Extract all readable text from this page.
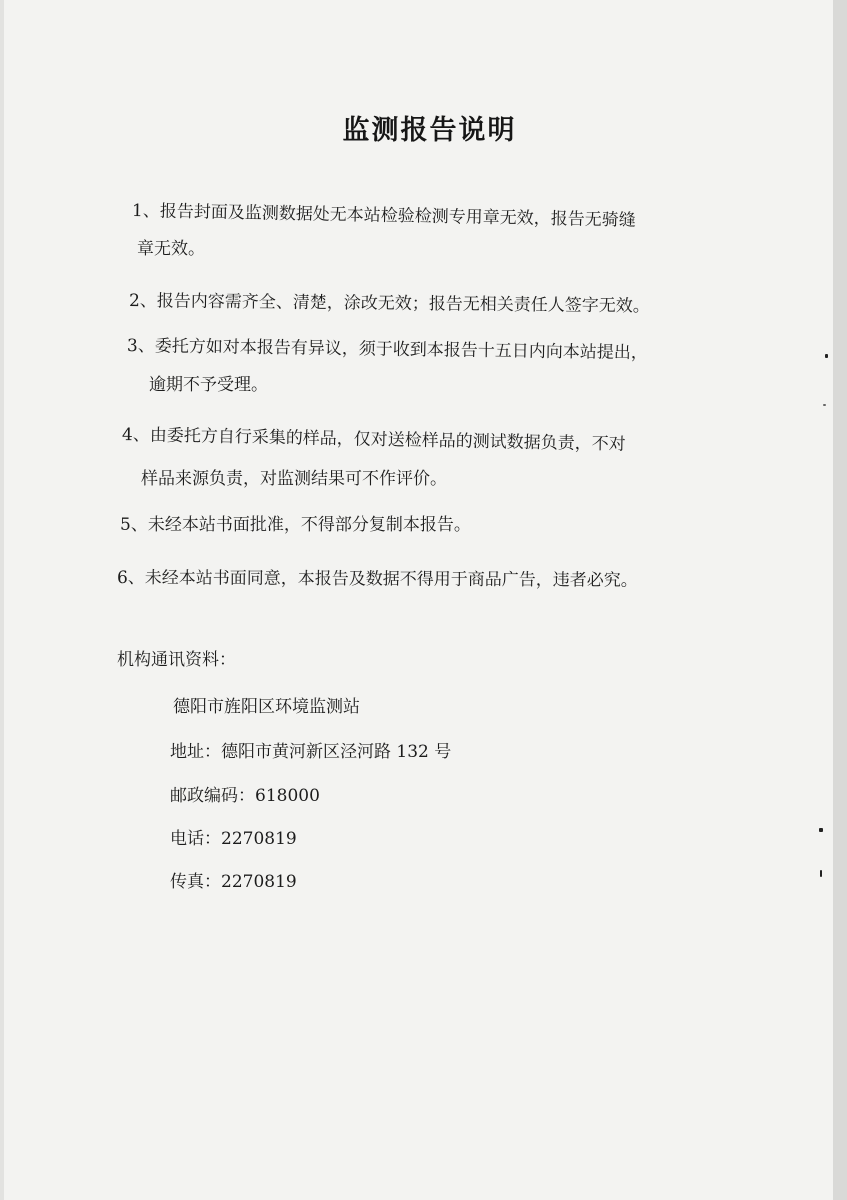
监测报告说明
1、报告封面及监测数据处无本站检验检测专用章无效，报告无骑缝
章无效。
2、报告内容需齐全、清楚，涂改无效；报告无相关责任人签字无效。
3、委托方如对本报告有异议，须于收到本报告十五日内向本站提出，
逾期不予受理。
4、由委托方自行采集的样品，仅对送检样品的测试数据负责，不对
样品来源负责，对监测结果可不作评价。
5、未经本站书面批准，不得部分复制本报告。
6、未经本站书面同意，本报告及数据不得用于商品广告，违者必究。
机构通讯资料：
德阳市旌阳区环境监测站
地址：德阳市黄河新区泾河路 132 号
邮政编码：618000
电话：2270819
传真：2270819
